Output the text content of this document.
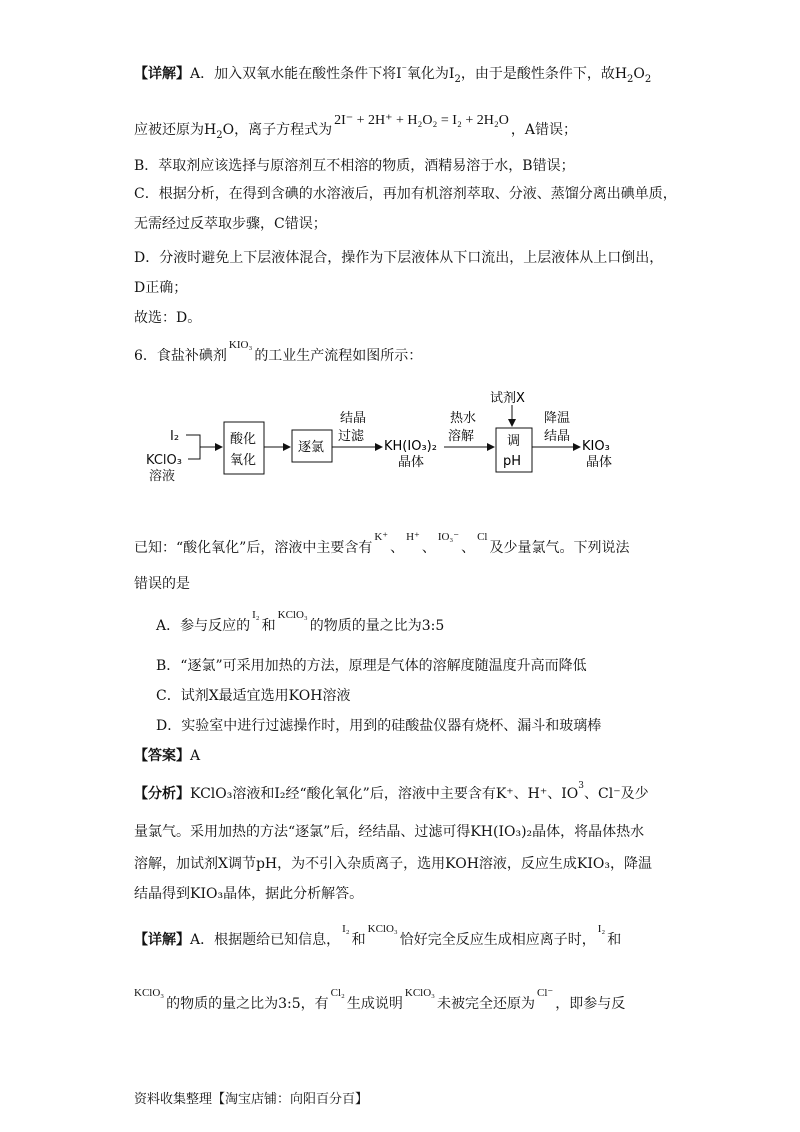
【详解】A．加入双氧水能在酸性条件下将I⁻氧化为$I_2$，由于是酸性条件下，故$H_2O_2$
应被还原为$H_2O$，离子方程式为2I⁻ + 2H⁺ + H₂O₂ = I₂ + 2H₂O，A错误；
B．萃取剂应该选择与原溶剂互不相溶的物质，酒精易溶于水，B错误；
C．根据分析，在得到含碘的水溶液后，再加有机溶剂萃取、分液、蒸馏分离出碘单质，
无需经过反萃取步骤，C错误；
D．分液时避免上下层液体混合，操作为下层液体从下口流出，上层液体从上口倒出，
D正确；
故选：D。
6．食盐补碘剂$^{KIO_3}$的工业生产流程如图所示：
I₂
KClO₃
溶液
酸化
氧化
逐氯
结晶
过滤
KH(IO₃)₂
晶体
热水
溶解
试剂X
调
pH
降温
结晶
KIO₃
晶体
已知：“酸化氧化”后，溶液中主要含有$^{K^+}$、$^{H^+}$、$^{IO_3^-}$、$^{Cl}$及少量氯气。下列说法
错误的是
A．参与反应的$^{I_2}$和$^{KClO_3}$的物质的量之比为3:5
B．“逐氯”可采用加热的方法，原理是气体的溶解度随温度升高而降低
C．试剂X最适宜选用KOH溶液
D．实验室中进行过滤操作时，用到的硅酸盐仪器有烧杯、漏斗和玻璃棒
【答案】A
【分析】KClO₃溶液和I₂经“酸化氧化”后，溶液中主要含有K⁺、H⁺、$IO^3$、Cl⁻及少
量氯气。采用加热的方法“逐氯”后，经结晶、过滤可得KH(IO₃)₂晶体，将晶体热水
溶解，加试剂X调节pH，为不引入杂质离子，选用KOH溶液，反应生成KIO₃，降温
结晶得到KIO₃晶体，据此分析解答。
【详解】A．根据题给已知信息，$^{I_2}$和$^{KClO_3}$恰好完全反应生成相应离子时，$^{I_2}$和
$^{KClO_3}$的物质的量之比为3:5，有$^{Cl_2}$生成说明$^{KClO_3}$未被完全还原为$^{Cl^-}$，即参与反
资料收集整理【淘宝店铺：向阳百分百】
